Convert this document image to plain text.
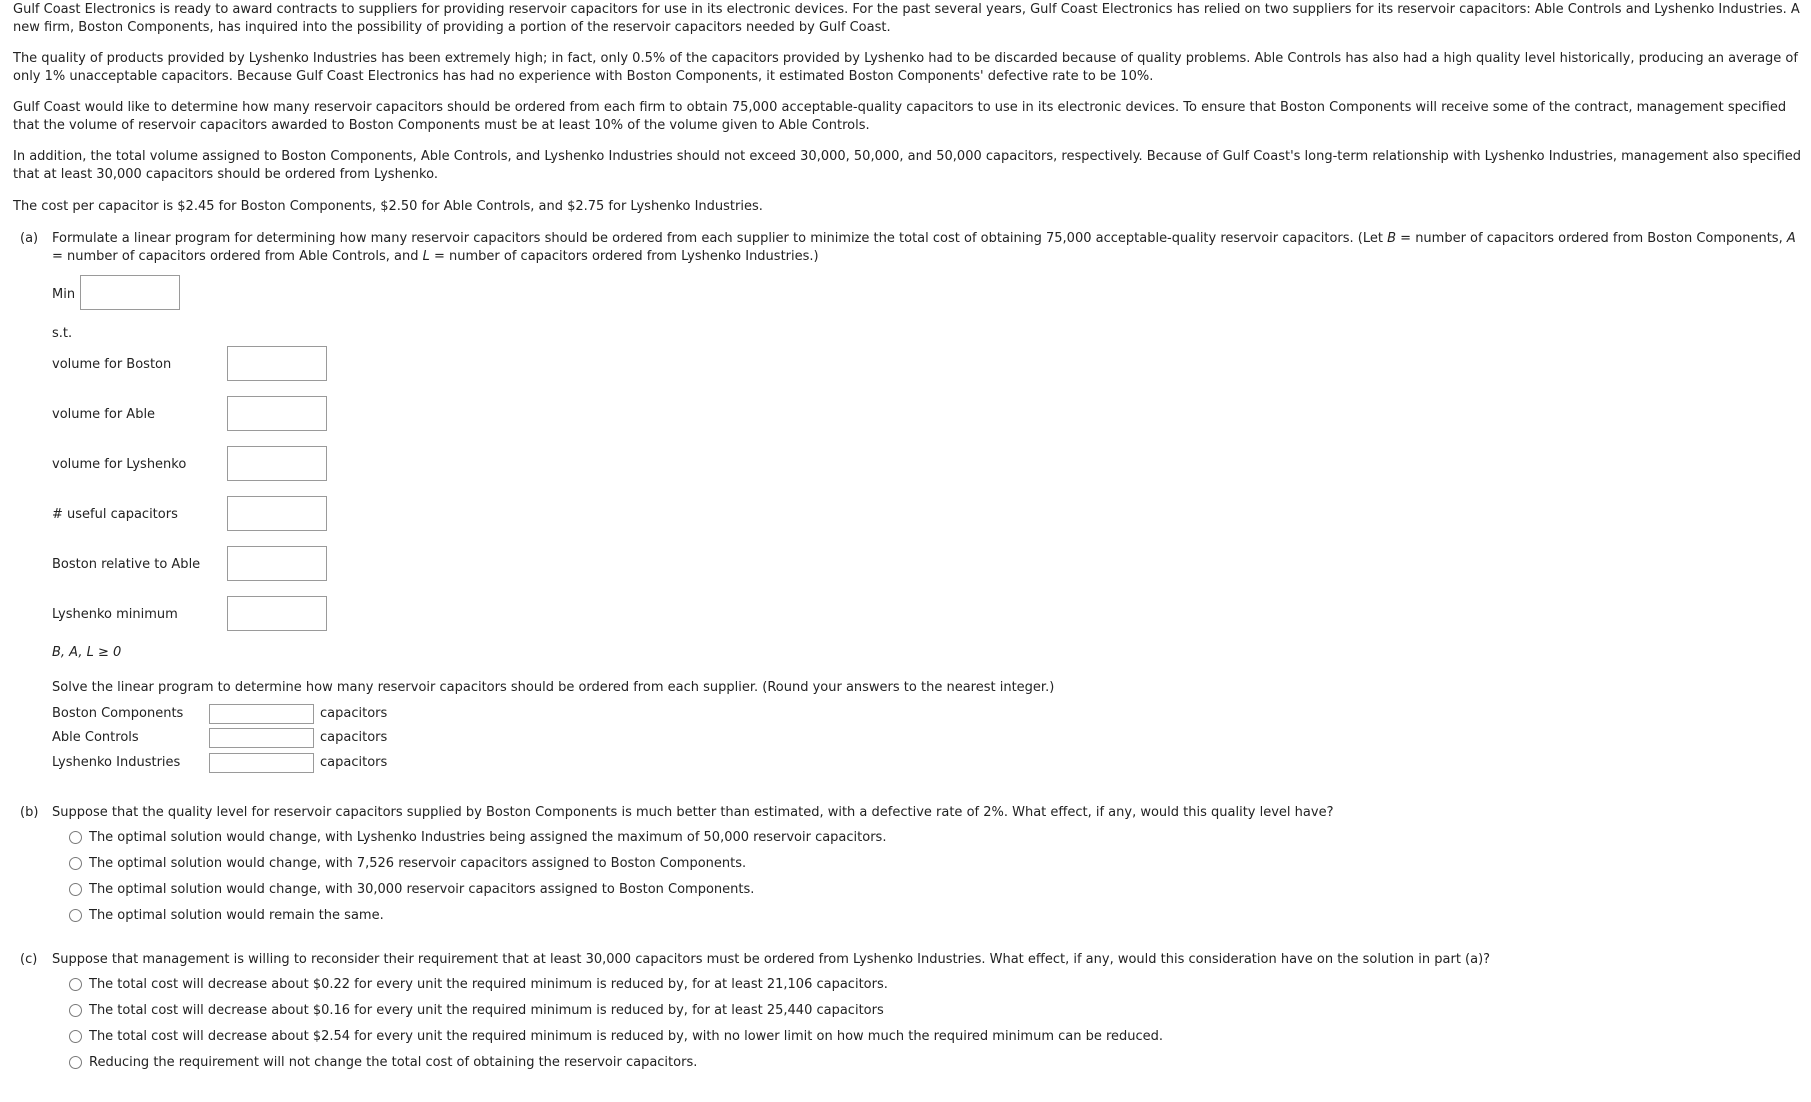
Gulf Coast Electronics is ready to award contracts to suppliers for providing reservoir capacitors for use in its electronic devices. For the past several years, Gulf Coast Electronics has relied on two suppliers for its reservoir capacitors: Able Controls and Lyshenko Industries. A new firm, Boston Components, has inquired into the possibility of providing a portion of the reservoir capacitors needed by Gulf Coast.

The quality of products provided by Lyshenko Industries has been extremely high; in fact, only 0.5% of the capacitors provided by Lyshenko had to be discarded because of quality problems. Able Controls has also had a high quality level historically, producing an average of only 1% unacceptable capacitors. Because Gulf Coast Electronics has had no experience with Boston Components, it estimated Boston Components' defective rate to be 10%.

Gulf Coast would like to determine how many reservoir capacitors should be ordered from each firm to obtain 75,000 acceptable-quality capacitors to use in its electronic devices. To ensure that Boston Components will receive some of the contract, management specified that the volume of reservoir capacitors awarded to Boston Components must be at least 10% of the volume given to Able Controls.

In addition, the total volume assigned to Boston Components, Able Controls, and Lyshenko Industries should not exceed 30,000, 50,000, and 50,000 capacitors, respectively. Because of Gulf Coast's long-term relationship with Lyshenko Industries, management also specified that at least 30,000 capacitors should be ordered from Lyshenko.

The cost per capacitor is $2.45 for Boston Components, $2.50 for Able Controls, and $2.75 for Lyshenko Industries.

(a) Formulate a linear program for determining how many reservoir capacitors should be ordered from each supplier to minimize the total cost of obtaining 75,000 acceptable-quality reservoir capacitors. (Let B = number of capacitors ordered from Boston Components, A = number of capacitors ordered from Able Controls, and L = number of capacitors ordered from Lyshenko Industries.)

Min
s.t.
volume for Boston
volume for Able
volume for Lyshenko
# useful capacitors
Boston relative to Able
Lyshenko minimum
B, A, L ≥ 0
Solve the linear program to determine how many reservoir capacitors should be ordered from each supplier. (Round your answers to the nearest integer.)
Boston Components	capacitors
Able Controls	capacitors
Lyshenko Industries	capacitors
(b) Suppose that the quality level for reservoir capacitors supplied by Boston Components is much better than estimated, with a defective rate of 2%. What effect, if any, would this quality level have?
The optimal solution would change, with Lyshenko Industries being assigned the maximum of 50,000 reservoir capacitors.
The optimal solution would change, with 7,526 reservoir capacitors assigned to Boston Components.
The optimal solution would change, with 30,000 reservoir capacitors assigned to Boston Components.
The optimal solution would remain the same.
(c) Suppose that management is willing to reconsider their requirement that at least 30,000 capacitors must be ordered from Lyshenko Industries. What effect, if any, would this consideration have on the solution in part (a)?
The total cost will decrease about $0.22 for every unit the required minimum is reduced by, for at least 21,106 capacitors.
The total cost will decrease about $0.16 for every unit the required minimum is reduced by, for at least 25,440 capacitors
The total cost will decrease about $2.54 for every unit the required minimum is reduced by, with no lower limit on how much the required minimum can be reduced.
Reducing the requirement will not change the total cost of obtaining the reservoir capacitors.
